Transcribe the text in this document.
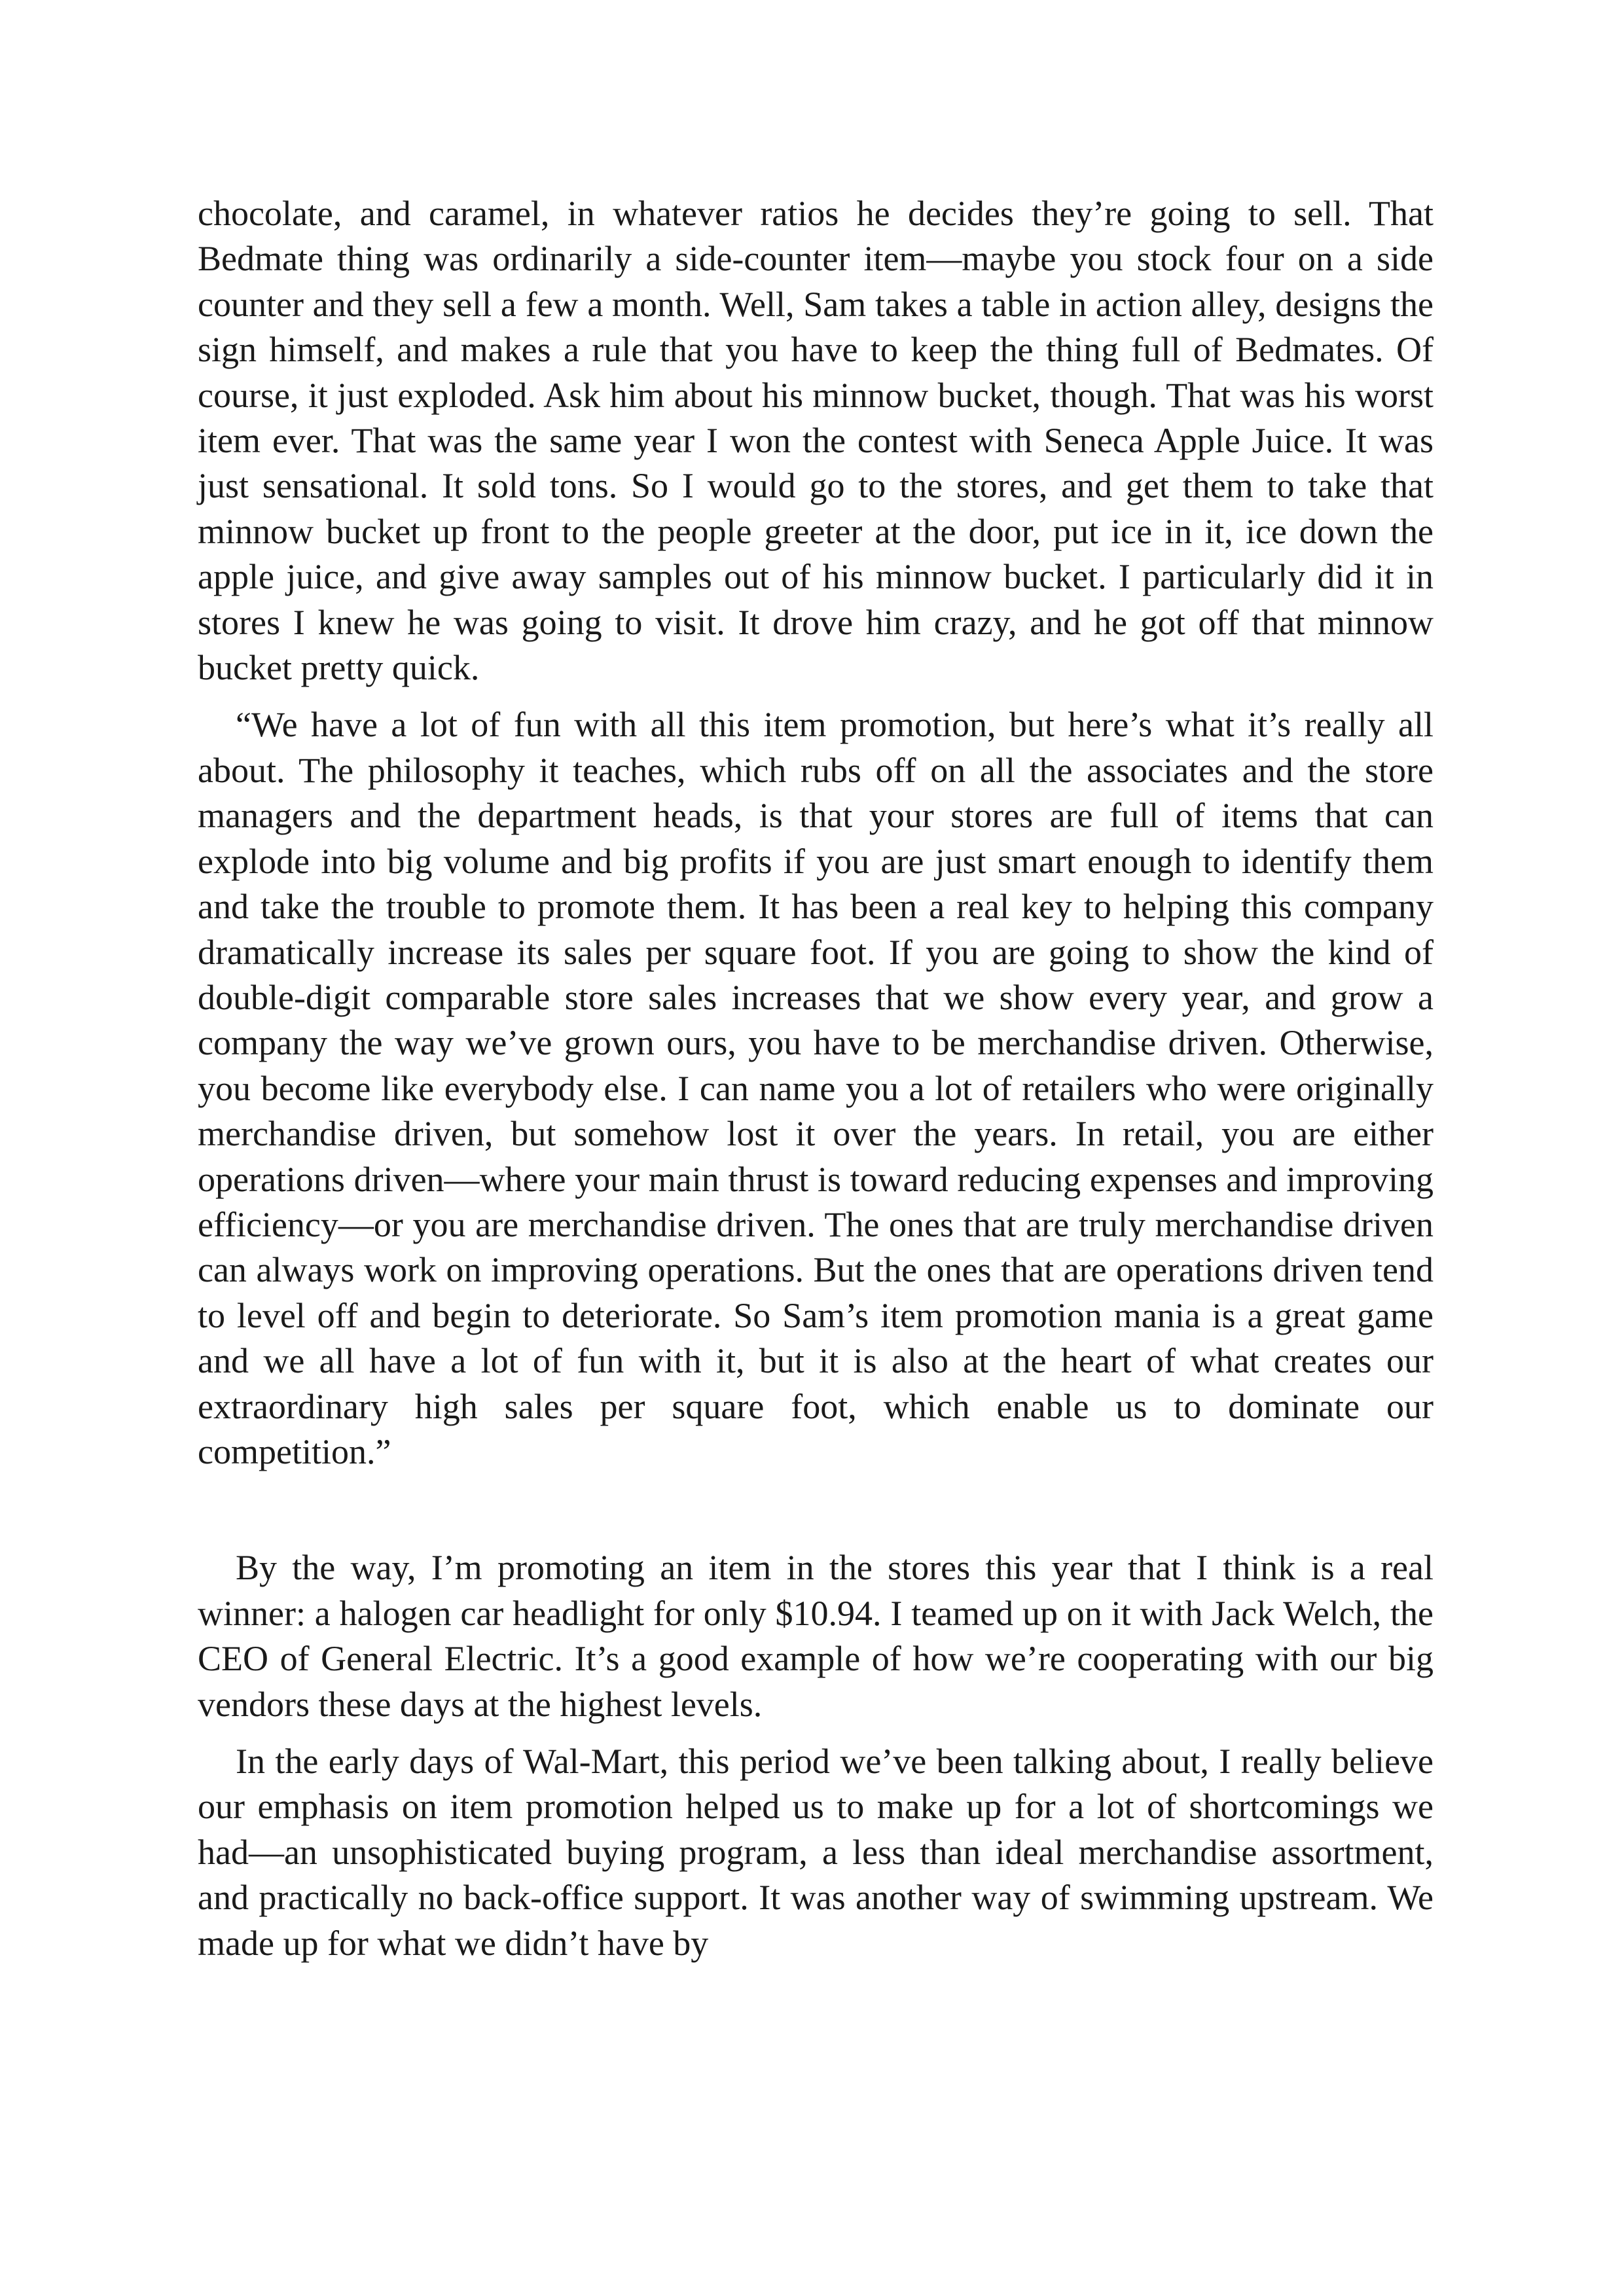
chocolate, and caramel, in whatever ratios he decides they’re going to sell. That Bedmate thing was ordinarily a side-counter item—maybe you stock four on a side counter and they sell a few a month. Well, Sam takes a table in action alley, designs the sign himself, and makes a rule that you have to keep the thing full of Bedmates. Of course, it just exploded. Ask him about his minnow bucket, though. That was his worst item ever. That was the same year I won the contest with Seneca Apple Juice. It was just sensational. It sold tons. So I would go to the stores, and get them to take that minnow bucket up front to the people greeter at the door, put ice in it, ice down the apple juice, and give away samples out of his minnow bucket. I particularly did it in stores I knew he was going to visit. It drove him crazy, and he got off that minnow bucket pretty quick.

“We have a lot of fun with all this item promotion, but here’s what it’s really all about. The philosophy it teaches, which rubs off on all the associates and the store managers and the department heads, is that your stores are full of items that can explode into big volume and big profits if you are just smart enough to identify them and take the trouble to promote them. It has been a real key to helping this company dramatically increase its sales per square foot. If you are going to show the kind of double-digit comparable store sales increases that we show every year, and grow a company the way we’ve grown ours, you have to be merchandise driven. Otherwise, you become like everybody else. I can name you a lot of retailers who were originally merchandise driven, but somehow lost it over the years. In retail, you are either operations driven—where your main thrust is toward reducing expenses and improving efficiency—or you are merchandise driven. The ones that are truly merchandise driven can always work on improving operations. But the ones that are operations driven tend to level off and begin to deteriorate. So Sam’s item promotion mania is a great game and we all have a lot of fun with it, but it is also at the heart of what creates our extraordinary high sales per square foot, which enable us to dominate our competition.”

By the way, I’m promoting an item in the stores this year that I think is a real winner: a halogen car headlight for only $10.94. I teamed up on it with Jack Welch, the CEO of General Electric. It’s a good example of how we’re cooperating with our big vendors these days at the highest levels.

In the early days of Wal-Mart, this period we’ve been talking about, I really believe our emphasis on item promotion helped us to make up for a lot of shortcomings we had—an unsophisticated buying program, a less than ideal merchandise assortment, and practically no back-office support. It was another way of swimming upstream. We made up for what we didn’t have by
